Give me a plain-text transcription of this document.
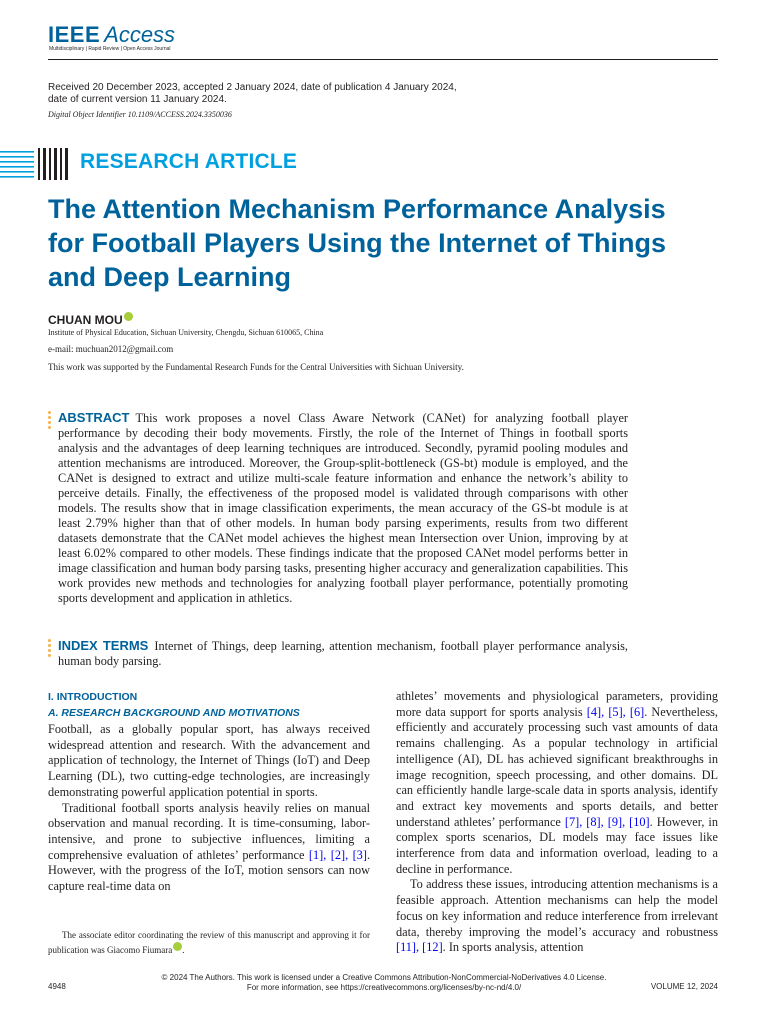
IEEE Access
Multidisciplinary | Rapid Review | Open Access Journal
Received 20 December 2023, accepted 2 January 2024, date of publication 4 January 2024, date of current version 11 January 2024.
Digital Object Identifier 10.1109/ACCESS.2024.3350036
RESEARCH ARTICLE
The Attention Mechanism Performance Analysis for Football Players Using the Internet of Things and Deep Learning
CHUAN MOU
Institute of Physical Education, Sichuan University, Chengdu, Sichuan 610065, China
e-mail: muchuan2012@gmail.com
This work was supported by the Fundamental Research Funds for the Central Universities with Sichuan University.
ABSTRACT This work proposes a novel Class Aware Network (CANet) for analyzing football player performance by decoding their body movements. Firstly, the role of the Internet of Things in football sports analysis and the advantages of deep learning techniques are introduced. Secondly, pyramid pooling modules and attention mechanisms are introduced. Moreover, the Group-split-bottleneck (GS-bt) module is employed, and the CANet is designed to extract and utilize multi-scale feature information and enhance the network’s ability to perceive details. Finally, the effectiveness of the proposed model is validated through comparisons with other models. The results show that in image classification experiments, the mean accuracy of the GS-bt module is at least 2.79% higher than that of other models. In human body parsing experiments, results from two different datasets demonstrate that the CANet model achieves the highest mean Intersection over Union, improving by at least 6.02% compared to other models. These findings indicate that the proposed CANet model performs better in image classification and human body parsing tasks, presenting higher accuracy and generalization capabilities. This work provides new methods and technologies for analyzing football player performance, potentially promoting sports development and application in athletics.
INDEX TERMS Internet of Things, deep learning, attention mechanism, football player performance analysis, human body parsing.
I. INTRODUCTION
A. RESEARCH BACKGROUND AND MOTIVATIONS

Football, as a globally popular sport, has always received widespread attention and research. With the advancement and application of technology, the Internet of Things (IoT) and Deep Learning (DL), two cutting-edge technologies, are increasingly demonstrating powerful application potential in sports.

Traditional football sports analysis heavily relies on manual observation and manual recording. It is time-consuming, labor-intensive, and prone to subjective influences, limiting a comprehensive evaluation of athletes’ performance [1], [2], [3]. However, with the progress of the IoT, motion sensors can now capture real-time data on

athletes’ movements and physiological parameters, providing more data support for sports analysis [4], [5], [6]. Nevertheless, efficiently and accurately processing such vast amounts of data remains challenging. As a popular technology in artificial intelligence (AI), DL has achieved significant breakthroughs in image recognition, speech processing, and other domains. DL can efficiently handle large-scale data in sports analysis, identify and extract key movements and sports details, and better understand athletes’ performance [7], [8], [9], [10]. However, in complex sports scenarios, DL models may face issues like interference from data and information overload, leading to a decline in performance.

To address these issues, introducing attention mechanisms is a feasible approach. Attention mechanisms can help the model focus on key information and reduce interference from irrelevant data, thereby improving the model’s accuracy and robustness [11], [12]. In sports analysis, attention

The associate editor coordinating the review of this manuscript and approving it for publication was Giacomo Fiumara .
© 2024 The Authors. This work is licensed under a Creative Commons Attribution-NonCommercial-NoDerivatives 4.0 License.
For more information, see https://creativecommons.org/licenses/by-nc-nd/4.0/
4948	VOLUME 12, 2024
